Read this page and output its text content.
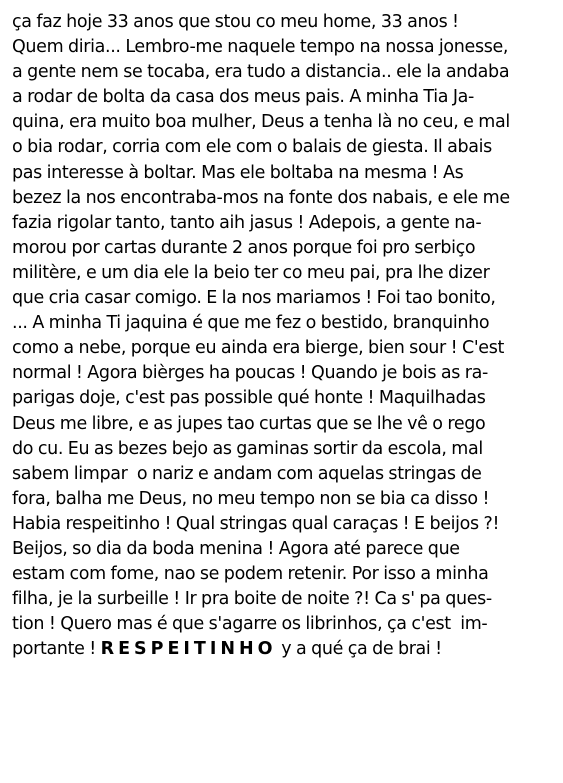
ça faz hoje 33 anos que stou co meu home, 33 anos !
Quem diria... Lembro-me naquele tempo na nossa jonesse,
a gente nem se tocaba, era tudo a distancia.. ele la andaba
a rodar de bolta da casa dos meus pais. A minha Tia Ja-
quina, era muito boa mulher, Deus a tenha là no ceu, e mal
o bia rodar, corria com ele com o balais de giesta. Il abais
pas interesse à boltar. Mas ele boltaba na mesma ! As
bezez la nos encontraba-mos na fonte dos nabais, e ele me
fazia rigolar tanto, tanto aih jasus ! Adepois, a gente na-
morou por cartas durante 2 anos porque foi pro serbiço
militère, e um dia ele la beio ter co meu pai, pra lhe dizer
que cria casar comigo. E la nos mariamos ! Foi tao bonito,
... A minha Ti jaquina é que me fez o bestido, branquinho
como a nebe, porque eu ainda era bierge, bien sour ! C'est
normal ! Agora bièrges ha poucas ! Quando je bois as ra-
parigas doje, c'est pas possible qué honte ! Maquilhadas
Deus me libre, e as jupes tao curtas que se lhe vê o rego
do cu. Eu as bezes bejo as gaminas sortir da escola, mal
sabem limpar  o nariz e andam com aquelas stringas de
fora, balha me Deus, no meu tempo non se bia ca disso !
Habia respeitinho ! Qual stringas qual caraças ! E beijos ?!
Beijos, so dia da boda menina ! Agora até parece que
estam com fome, nao se podem retenir. Por isso a minha
filha, je la surbeille ! Ir pra boite de noite ?! Ca s' pa ques-
tion ! Quero mas é que s'agarre os librinhos, ça c'est  im-
portante ! RESPEITINHO y a qué ça de brai !
